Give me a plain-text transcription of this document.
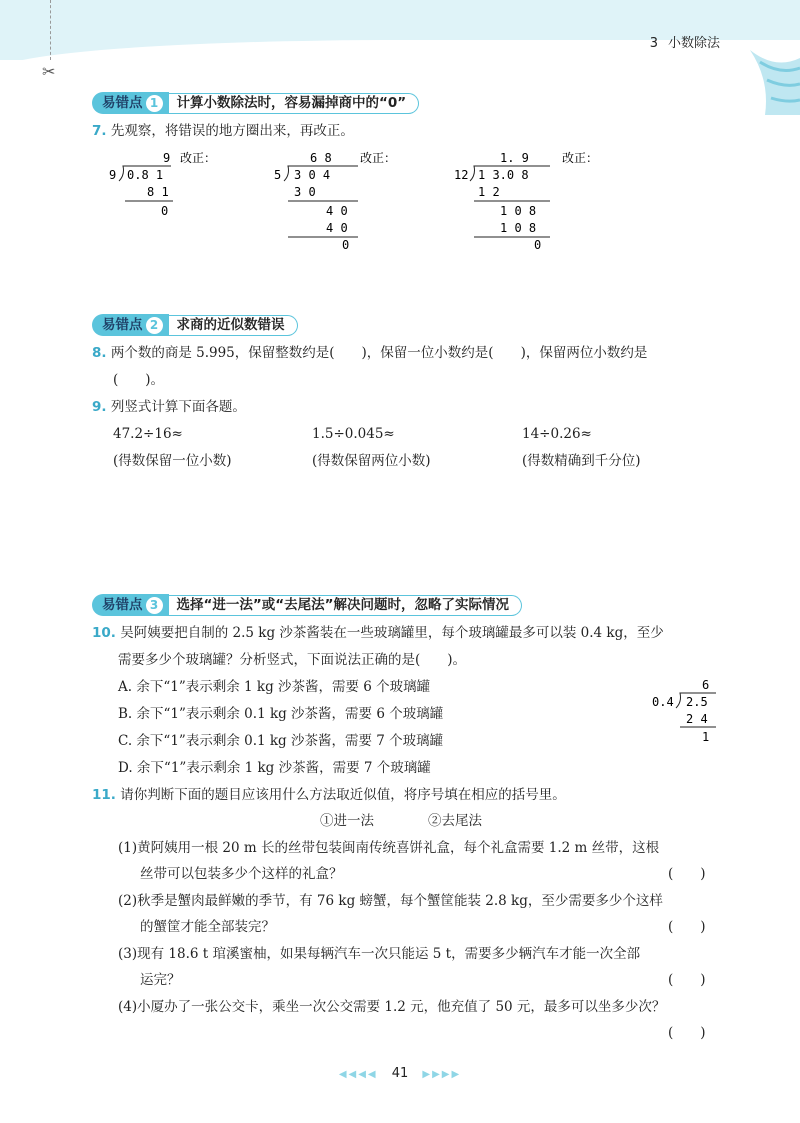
✂
3 小数除法
易错点 1	计算小数除法时，容易漏掉商中的“0”
7. 先观察，将错误的地方圈出来，再改正。
9 改正：
9 0.8 1
8 1
0
6 8 改正：
5 3 0 4
3 0
4 0
4 0
0
1. 9	改正：
12 1 3.0 8
1 2
1 0 8
1 0 8
0
易错点 2	求商的近似数错误
8. 两个数的商是 5.995，保留整数约是(　　)，保留一位小数约是(　　)，保留两位小数约是
(　　)。
9. 列竖式计算下面各题。
47.2÷16≈	1.5÷0.045≈	14÷0.26≈
(得数保留一位小数)	(得数保留两位小数)	(得数精确到千分位)
易错点 3	选择“进一法”或“去尾法”解决问题时，忽略了实际情况
10. 吴阿姨要把自制的 2.5 kg 沙茶酱装在一些玻璃罐里，每个玻璃罐最多可以装 0.4 kg，至少
需要多少个玻璃罐？分析竖式，下面说法正确的是(　　)。
A. 余下“1”表示剩余 1 kg 沙茶酱，需要 6 个玻璃罐
B. 余下“1”表示剩余 0.1 kg 沙茶酱，需要 6 个玻璃罐
C. 余下“1”表示剩余 0.1 kg 沙茶酱，需要 7 个玻璃罐
D. 余下“1”表示剩余 1 kg 沙茶酱，需要 7 个玻璃罐
6
0.4 2.5
2 4
1
11. 请你判断下面的题目应该用什么方法取近似值，将序号填在相应的括号里。
①进一法	②去尾法
(1)黄阿姨用一根 20 m 长的丝带包装闽南传统喜饼礼盒，每个礼盒需要 1.2 m 丝带，这根
丝带可以包装多少个这样的礼盒？	(　　)
(2)秋季是蟹肉最鲜嫩的季节，有 76 kg 螃蟹，每个蟹筐能装 2.8 kg，至少需要多少个这样
的蟹筐才能全部装完？	(　　)
(3)现有 18.6 t 琯溪蜜柚，如果每辆汽车一次只能运 5 t，需要多少辆汽车才能一次全部
运完？	(　　)
(4)小厦办了一张公交卡，乘坐一次公交需要 1.2 元，他充值了 50 元，最多可以坐多少次？
(　　)
◀◀◀◀ 41 ▶▶▶▶
